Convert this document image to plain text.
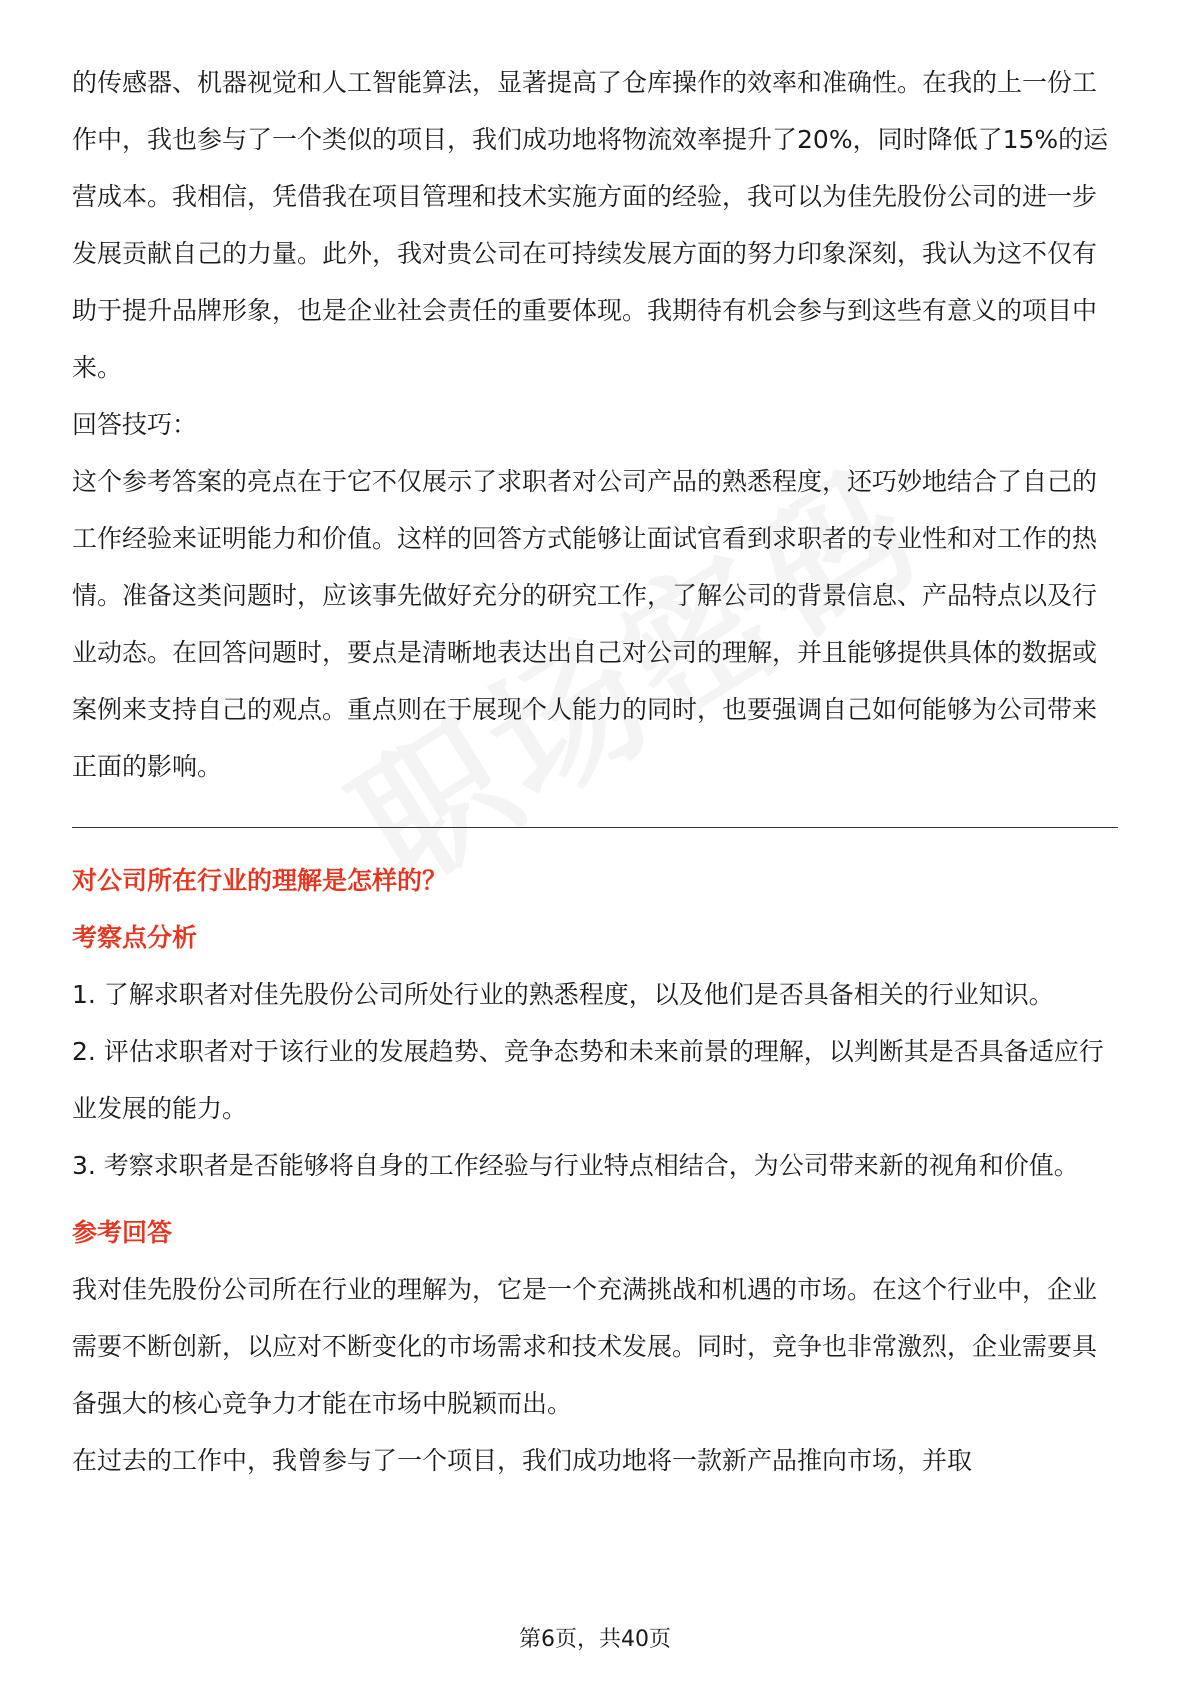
的传感器、机器视觉和人工智能算法，显著提高了仓库操作的效率和准确性。在我的上一份工作中，我也参与了一个类似的项目，我们成功地将物流效率提升了20%，同时降低了15%的运营成本。我相信，凭借我在项目管理和技术实施方面的经验，我可以为佳先股份公司的进一步发展贡献自己的力量。此外，我对贵公司在可持续发展方面的努力印象深刻，我认为这不仅有助于提升品牌形象，也是企业社会责任的重要体现。我期待有机会参与到这些有意义的项目中来。

回答技巧：

这个参考答案的亮点在于它不仅展示了求职者对公司产品的熟悉程度，还巧妙地结合了自己的工作经验来证明能力和价值。这样的回答方式能够让面试官看到求职者的专业性和对工作的热情。准备这类问题时，应该事先做好充分的研究工作，了解公司的背景信息、产品特点以及行业动态。在回答问题时，要点是清晰地表达出自己对公司的理解，并且能够提供具体的数据或案例来支持自己的观点。重点则在于展现个人能力的同时，也要强调自己如何能够为公司带来正面的影响。

对公司所在行业的理解是怎样的？

考察点分析

1. 了解求职者对佳先股份公司所处行业的熟悉程度，以及他们是否具备相关的行业知识。

2. 评估求职者对于该行业的发展趋势、竞争态势和未来前景的理解，以判断其是否具备适应行业发展的能力。

3. 考察求职者是否能够将自身的工作经验与行业特点相结合，为公司带来新的视角和价值。

参考回答

我对佳先股份公司所在行业的理解为，它是一个充满挑战和机遇的市场。在这个行业中，企业需要不断创新，以应对不断变化的市场需求和技术发展。同时，竞争也非常激烈，企业需要具备强大的核心竞争力才能在市场中脱颖而出。

在过去的工作中，我曾参与了一个项目，我们成功地将一款新产品推向市场，并取

第6页，共40页
